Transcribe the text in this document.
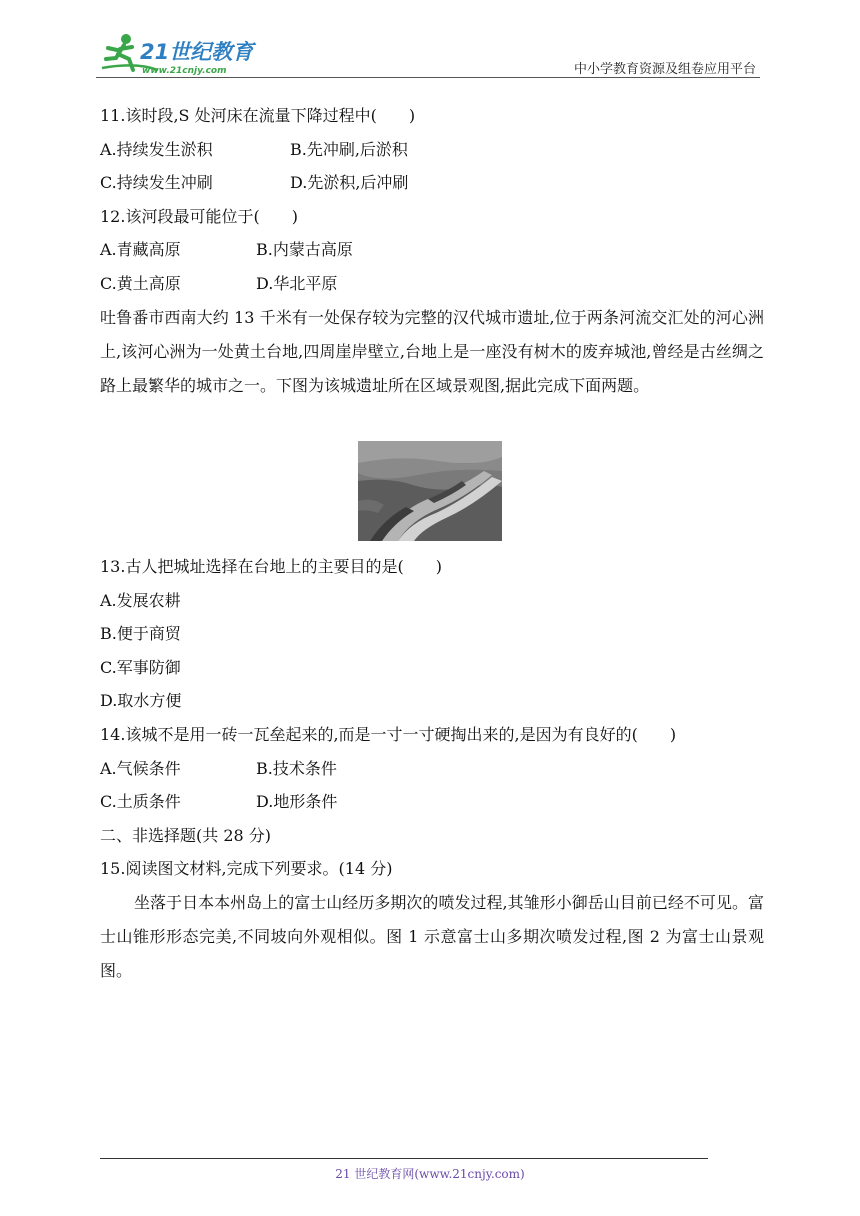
21世纪教育
www.21cnjy.com	中小学教育资源及组卷应用平台
11.该时段,S 处河床在流量下降过程中(　　)
A.持续发生淤积	B.先冲刷,后淤积
C.持续发生冲刷	D.先淤积,后冲刷
12.该河段最可能位于(　　)
A.青藏高原	B.内蒙古高原
C.黄土高原	D.华北平原
吐鲁番市西南大约 13 千米有一处保存较为完整的汉代城市遗址,位于两条河流交汇处的河心洲上,该河心洲为一处黄土台地,四周崖岸壁立,台地上是一座没有树木的废弃城池,曾经是古丝绸之路上最繁华的城市之一。下图为该城遗址所在区域景观图,据此完成下面两题。
13.古人把城址选择在台地上的主要目的是(　　)
A.发展农耕
B.便于商贸
C.军事防御
D.取水方便
14.该城不是用一砖一瓦垒起来的,而是一寸一寸硬掏出来的,是因为有良好的(　　)
A.气候条件	B.技术条件
C.土质条件	D.地形条件
二、非选择题(共 28 分)
15.阅读图文材料,完成下列要求。(14 分)
坐落于日本本州岛上的富士山经历多期次的喷发过程,其雏形小御岳山目前已经不可见。富士山锥形形态完美,不同坡向外观相似。图 1 示意富士山多期次喷发过程,图 2 为富士山景观图。
21 世纪教育网(www.21cnjy.com)
